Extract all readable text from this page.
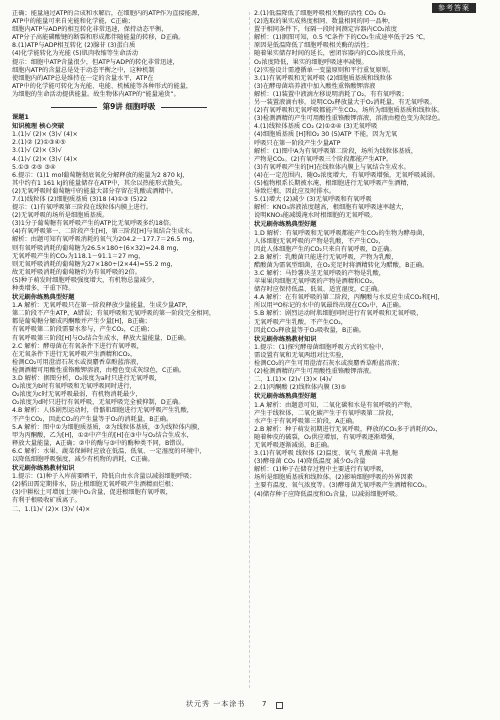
参考答案

正确；能量通过ATP的合成和水解后，在细胞内的ATP作为直接能源，

ATP中的能量可来自光能和化学能，C正确；

细胞内ATP与ADP的相互转化非常迅速，保持动态平衡，

ATP分子高能磷酸键的断裂和形成都伴随能量的转移，D正确。

8.(1)ATP与ADP相互转化 (2)腺苷 (3)蛋白质

(4)化学能转化为光能 (5)肌肉收缩等生命活动

提示：细胞中ATP含量很少，但ATP与ADP的转化非常迅速，

细胞内ATP的含量总是处于动态平衡之中，这种机制

使细胞内的ATP总是维持在一定的含量水平，ATP在

ATP中的化学能可转化为光能、电能、机械能等各种形式的能量，

为细胞的生命活动提供能量。故生物体内ATP的“能量通货”。

第9讲 细胞呼吸

课题1

知识梳理 核心突破

1.(1)√ (2)× (3)√ (4)×

2.(1)② (2)①③④⑤

3.(1)√ (2)× (3)√

4.(1)√ (2)× (3)√ (4)×

5.①③ ②⑤ ③④

6.提示：(1)1 mol葡萄糖彻底氧化分解释放的能量为2 870 kJ，

其中约有1 161 kJ的能量储存在ATP中，其余以热能形式散失。

(2)无氧呼吸时葡萄糖中的能量大部分存留在乳酸或酒精中。

7.(1)线粒体 (2)细胞质基质 (3)18 (4)①③ (5)22

提示：(1)有氧呼吸第三阶段在线粒体内膜上进行。

(2)无氧呼吸的场所是细胞质基质。

(3)1分子葡萄糖有氧呼吸产生的ATP比无氧呼吸多约18倍。

(4)有氧呼吸第一、二阶段产生[H]，第三阶段[H]与氧结合生成水。

解析：由题可知有氧呼吸消耗的氧气为204.2－177.7＝26.5 mg，

则有氧呼吸消耗的葡萄糖为26.5×180÷(6×32)≈24.8 mg，

无氧呼吸产生的CO₂为118.1－91.1＝27 mg，

则无氧呼吸消耗的葡萄糖为27×180÷(2×44)≈55.2 mg，

故无氧呼吸消耗的葡萄糖约为有氧呼吸的2倍。

(5)种子萌发时细胞呼吸强度增大，有机物总量减少，

种类增多，干重下降。

状元刷你练熟典型好题

1.A 解析：无氧呼吸只在第一阶段释放少量能量，生成少量ATP，

第二阶段不产生ATP，A错误；有氧呼吸和无氧呼吸的第一阶段完全相同，

都是葡萄糖分解成丙酮酸并产生少量[H]，B正确；

有氧呼吸第二阶段需要水参与，产生CO₂，C正确；

有氧呼吸第三阶段[H]与O₂结合生成水，释放大量能量，D正确。

2.C 解析：酵母菌在有氧条件下进行有氧呼吸，

在无氧条件下进行无氧呼吸产生酒精和CO₂，

检测CO₂可用澄清石灰水或溴麝香草酚蓝溶液，

检测酒精可用酸性重铬酸钾溶液，由橙色变成灰绿色，C正确。

3.D 解析：据图分析，O₂浓度为a时只进行无氧呼吸，

O₂浓度为b时有氧呼吸和无氧呼吸同时进行，

O₂浓度为c时无氧呼吸最弱，有机物消耗最少，

O₂浓度为d时只进行有氧呼吸，无氧呼吸完全被抑制，D正确。

4.B 解析：人体剧烈运动时，骨骼肌细胞进行无氧呼吸产生乳酸，

不产生CO₂，因此CO₂的产生量等于O₂的消耗量，B正确。

5.A 解析：图中①为细胞质基质，②为线粒体基质，③为线粒体内膜，

甲为丙酮酸，乙为[H]，①②中产生的[H]在③中与O₂结合生成水，

释放大量能量，A正确；②中的酶与③中的酶种类不同，B错误。

6.C 解析：水果、蔬菜保鲜时应放在低温、低氧、一定湿度的环境中，

以降低细胞呼吸强度，减少有机物的消耗，C正确。

状元刷你练熟教材知识

1.提示：(1)种子入库前要晒干，降低自由水含量以减弱细胞呼吸；

(2)稻田需定期排水，防止根细胞无氧呼吸产生酒精而烂根；

(3)中耕松土可增加土壤中O₂含量，促进根细胞有氧呼吸，

有利于根吸收矿质离子。

二、1.(1)√ (2)× (3)√ (4)×

2.(1)低温降低了细胞呼吸相关酶的活性 CO₂ O₂

(2)选取的果实成熟度相同、数量相同的同一品种，

置于相同条件下，每隔一段时间测定容器内CO₂浓度

解析：(1)据图可知，0.5 ℃条件下的CO₂生成速率低于25 ℃，

原因是低温降低了细胞呼吸相关酶的活性；

随着果实储存时间的延长，密闭容器内的CO₂浓度升高，

O₂浓度降低，果实的细胞呼吸速率减慢。

(2)实验设计需遵循单一变量原则和平行重复原则。

3.(1)有氧呼吸和无氧呼吸 (2)细胞质基质和线粒体

(3)在酵母菌培养液中加入酸性重铬酸钾溶液

解析：(1)装置中液滴左移说明消耗了O₂，有有氧呼吸；

另一装置液滴右移，说明CO₂释放量大于O₂消耗量，有无氧呼吸。

(2)有氧呼吸和无氧呼吸都能产生CO₂，场所为细胞质基质和线粒体。

(3)检测酒精的产生可用酸性重铬酸钾溶液，溶液由橙色变为灰绿色。

4.(1)线粒体基质 CO₂ (2)①②④ (3)无氧呼吸

(4)细胞质基质 [H]和O₂ 30 (5)ATP 不能，因为无氧

呼吸只在第一阶段产生少量ATP

解析：(1)图中A为有氧呼吸第二阶段，场所为线粒体基质，

产物是CO₂。(2)有氧呼吸三个阶段都能产生ATP。

(3)有氧呼吸产生的[H]在线粒体内膜上与氧结合生成水。

(4)在一定范围内，随O₂浓度增大，有氧呼吸增强，无氧呼吸减弱。

(5)植物根系长期被水淹，根细胞进行无氧呼吸产生酒精，

导致烂根，因此应及时排水。

5.(1)增大 (2)减少 (3)无氧呼吸和有氧呼吸

解析：KNO₃溶液浓度越高，根细胞有氧呼吸速率越大，

说明KNO₃能减缓淹水时根细胞的无氧呼吸。

状元刷你练熟典型好题

1.D 解析：有氧呼吸和无氧呼吸都能产生CO₂的生物为酵母菌，

人体细胞无氧呼吸的产物是乳酸，不产生CO₂，

因此人体细胞产生的CO₂只来自有氧呼吸，D正确。

2.B 解析：乳酸菌只能进行无氧呼吸，产物为乳酸，

醋酸菌为需氧型细菌，在O₂充足时将酒精转化为醋酸，B正确。

3.C 解析：马铃薯块茎无氧呼吸的产物是乳酸，

苹果果肉细胞无氧呼吸的产物是酒精和CO₂，

储存时应保持低温、低氧、适宜湿度，C正确。

4.A 解析：在有氧呼吸的第二阶段，丙酮酸与水反应生成CO₂和[H]，

所以用¹⁸O标记的水中的氧最终出现在CO₂中，A正确。

5.B 解析：剧烈运动时肌细胞同时进行有氧呼吸和无氧呼吸，

无氧呼吸产生乳酸，不产生CO₂，

因此CO₂释放量等于O₂吸收量，B正确。

状元刷你练熟教材知识

1.提示：(1)探究酵母菌细胞呼吸方式的实验中，

需设置有氧和无氧两组对比实验，

检测CO₂的产生可用澄清石灰水或溴麝香草酚蓝溶液；

(2)检测酒精的产生可用酸性重铬酸钾溶液。

二、1.(1)× (2)√ (3)× (4)√

2.(1)丙酮酸 (2)线粒体内膜 (3)⑤

状元刷你练熟典型好题

1.A 解析：由题意可知，二氧化碳和水是有氧呼吸的产物，

产生于线粒体，二氧化碳产生于有氧呼吸第二阶段，

水产生于有氧呼吸第三阶段，A正确。

2.B 解析：种子萌发初期进行无氧呼吸，释放的CO₂多于消耗的O₂，

随着种皮的破裂，O₂供应增加，有氧呼吸逐渐增强，

无氧呼吸逐渐减弱，B正确。

3.(1)有氧呼吸 线粒体 (2)温度、氧气 乳酸菌 丰乳糖

(3)酵母菌 CO₂ (4)降低温度 减少O₂含量

解析：(1)种子在储存过程中主要进行有氧呼吸，

场所是细胞质基质和线粒体。(2)影响细胞呼吸的外界因素

主要有温度、氧气浓度等。(3)酵母菌无氧呼吸产生酒精和CO₂。

(4)储存种子应降低温度和O₂含量，以减弱细胞呼吸。

状元秀 一本涂书 7
